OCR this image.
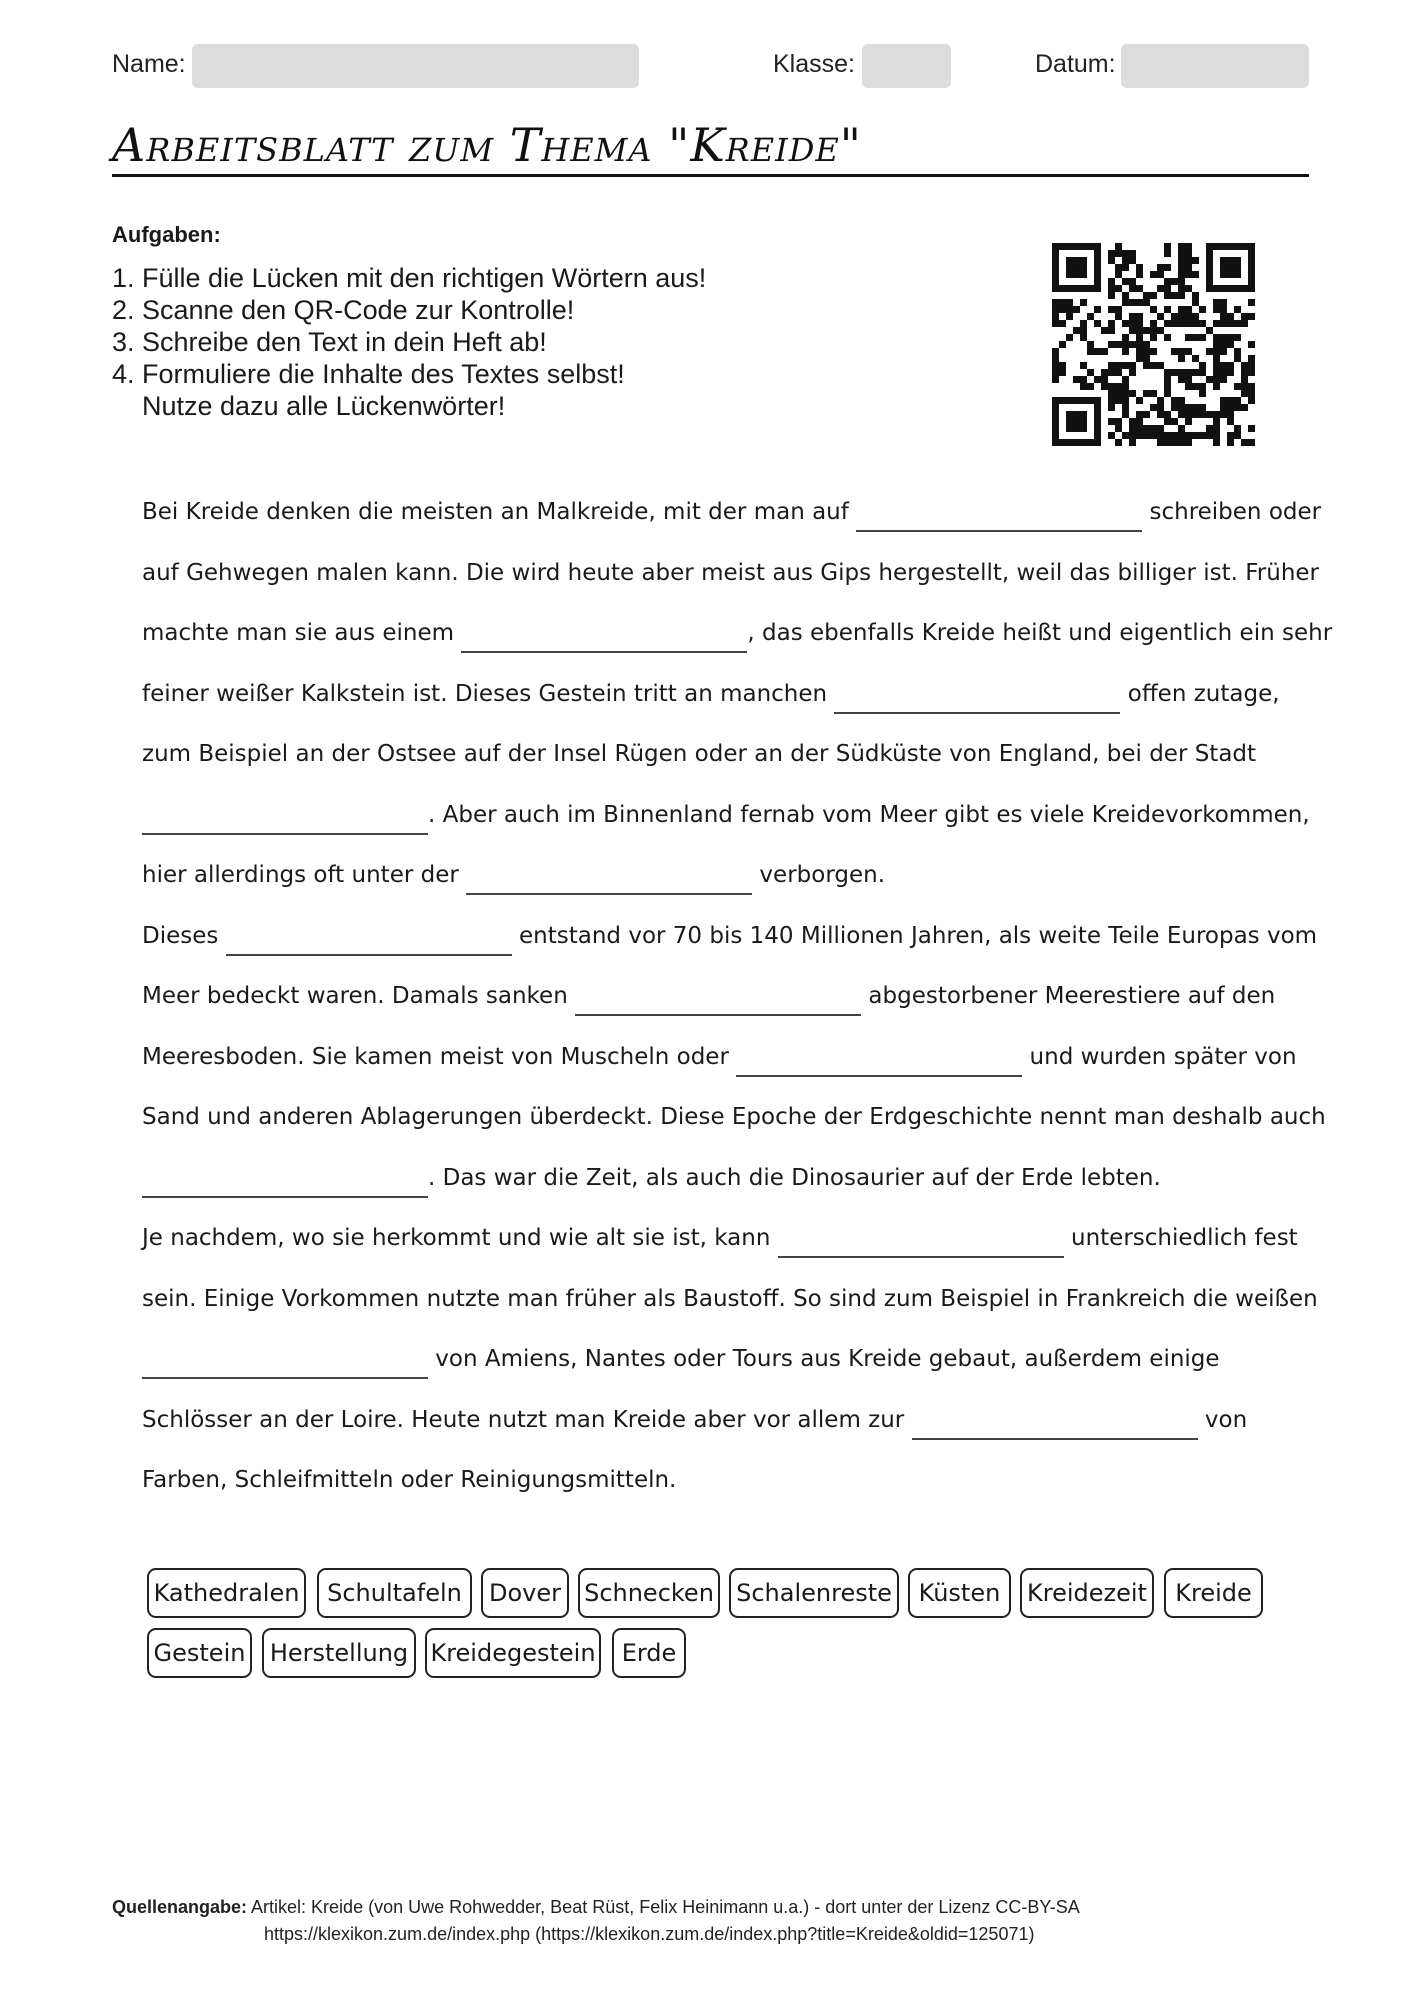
Name:	Klasse:	Datum:
Arbeitsblatt zum Thema "Kreide"
Aufgaben:
1. Fülle die Lücken mit den richtigen Wörtern aus!
2. Scanne den QR-Code zur Kontrolle!
3. Schreibe den Text in dein Heft ab!
4. Formuliere die Inhalte des Textes selbst!
Nutze dazu alle Lückenwörter!
Bei Kreide denken die meisten an Malkreide, mit der man auf	schreiben oder
auf Gehwegen malen kann. Die wird heute aber meist aus Gips hergestellt, weil das billiger ist. Früher
machte man sie aus einem	, das ebenfalls Kreide heißt und eigentlich ein sehr
feiner weißer Kalkstein ist. Dieses Gestein tritt an manchen	offen zutage,
zum Beispiel an der Ostsee auf der Insel Rügen oder an der Südküste von England, bei der Stadt
. Aber auch im Binnenland fernab vom Meer gibt es viele Kreidevorkommen,
hier allerdings oft unter der	verborgen.
Dieses	entstand vor 70 bis 140 Millionen Jahren, als weite Teile Europas vom
Meer bedeckt waren. Damals sanken	abgestorbener Meerestiere auf den
Meeresboden. Sie kamen meist von Muscheln oder	und wurden später von
Sand und anderen Ablagerungen überdeckt. Diese Epoche der Erdgeschichte nennt man deshalb auch
. Das war die Zeit, als auch die Dinosaurier auf der Erde lebten.
Je nachdem, wo sie herkommt und wie alt sie ist, kann	unterschiedlich fest
sein. Einige Vorkommen nutzte man früher als Baustoff. So sind zum Beispiel in Frankreich die weißen
von Amiens, Nantes oder Tours aus Kreide gebaut, außerdem einige
Schlösser an der Loire. Heute nutzt man Kreide aber vor allem zur	von
Farben, Schleifmitteln oder Reinigungsmitteln.
Kathedralen	Schultafeln	Dover Schnecken Schalenreste	Küsten	Kreidezeit	Kreide
Gestein	Herstellung Kreidegestein	Erde
Quellenangabe: Artikel: Kreide (von Uwe Rohwedder, Beat Rüst, Felix Heinimann u.a.) - dort unter der Lizenz CC-BY-SA
https://klexikon.zum.de/index.php (https://klexikon.zum.de/index.php?title=Kreide&oldid=125071)
